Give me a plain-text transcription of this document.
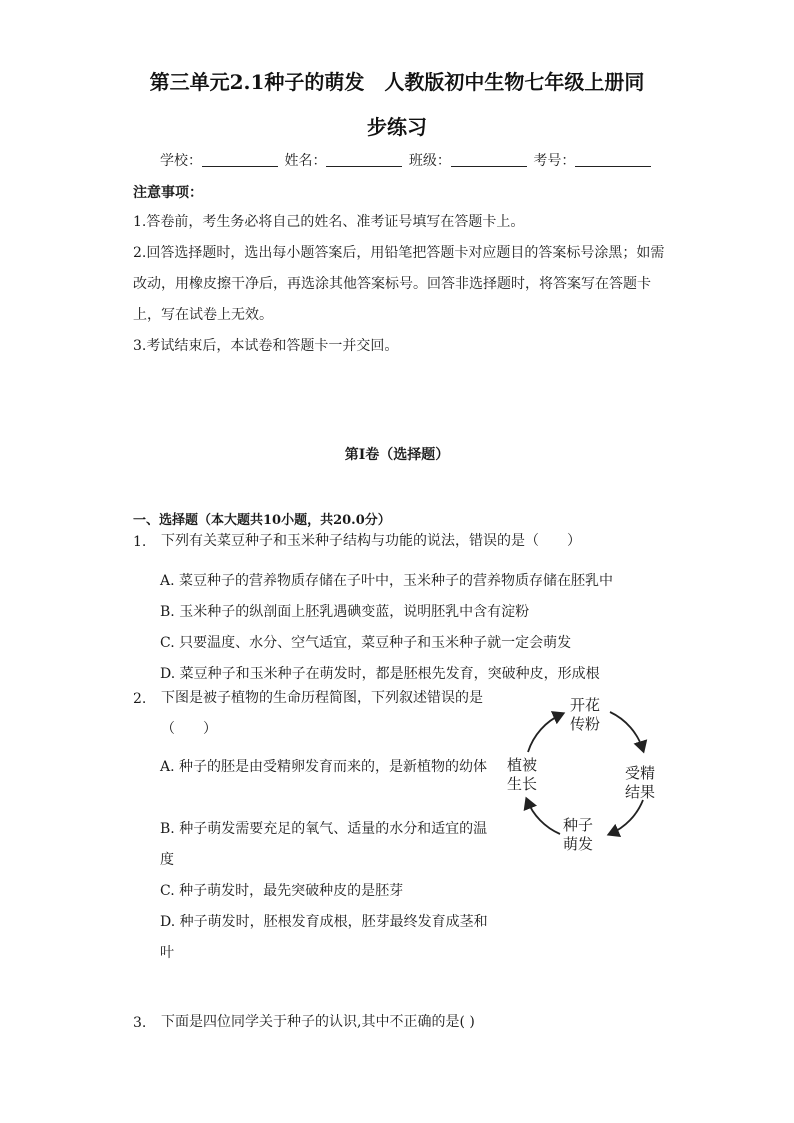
第三单元2.1种子的萌发　人教版初中生物七年级上册同
步练习
学校：	姓名：	班级：	考号：
注意事项：
1.答卷前，考生务必将自己的姓名、准考证号填写在答题卡上。
2.回答选择题时，选出每小题答案后，用铅笔把答题卡对应题目的答案标号涂黑；如需改动，用橡皮擦干净后，再选涂其他答案标号。回答非选择题时，将答案写在答题卡上，写在试卷上无效。
3.考试结束后，本试卷和答题卡一并交回。
第I卷（选择题）
一、选择题（本大题共10小题，共20.0分）
1. 下列有关菜豆种子和玉米种子结构与功能的说法，错误的是（　　）
A. 菜豆种子的营养物质存储在子叶中，玉米种子的营养物质存储在胚乳中
B. 玉米种子的纵剖面上胚乳遇碘变蓝，说明胚乳中含有淀粉
C. 只要温度、水分、空气适宜，菜豆种子和玉米种子就一定会萌发
D. 菜豆种子和玉米种子在萌发时，都是胚根先发育，突破种皮，形成根
2. 下图是被子植物的生命历程简图，下列叙述错误的是（　　）
A. 种子的胚是由受精卵发育而来的，是新植物的幼体
B. 种子萌发需要充足的氧气、适量的水分和适宜的温度
C. 种子萌发时，最先突破种皮的是胚芽
D. 种子萌发时，胚根发育成根，胚芽最终发育成茎和叶
开花
传粉
受精
结果
种子
萌发
植被
生长
3. 下面是四位同学关于种子的认识,其中不正确的是( )
